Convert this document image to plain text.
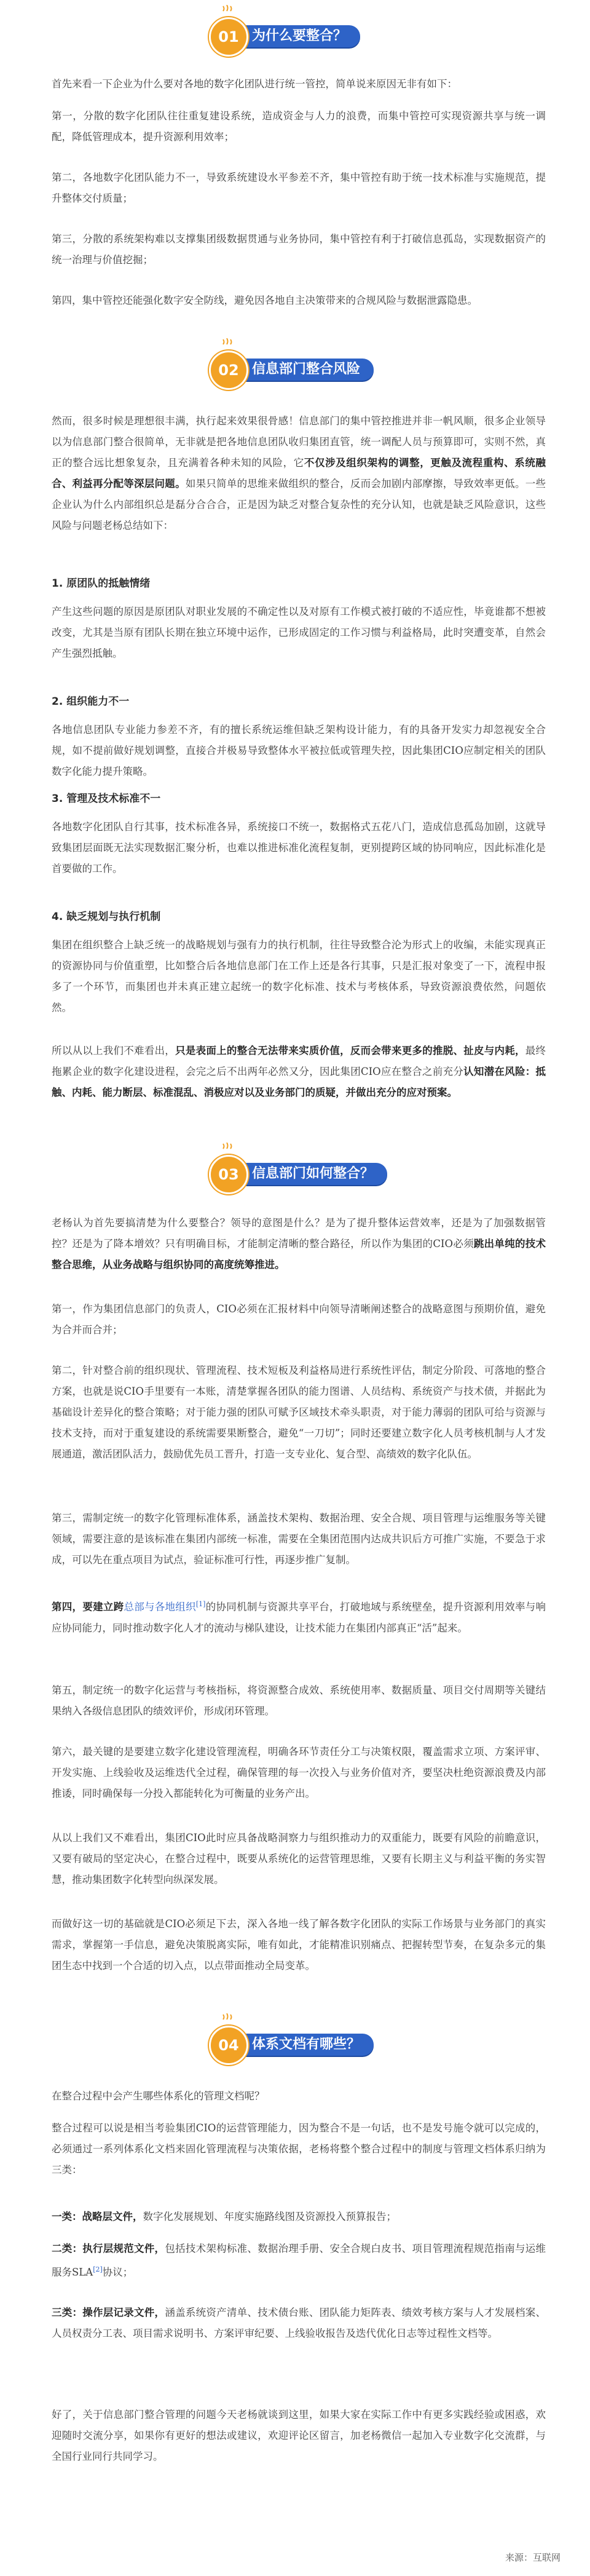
为什么要整合？
01

首先来看一下企业为什么要对各地的数字化团队进行统一管控，简单说来原因无非有如下：

第一，分散的数字化团队往往重复建设系统，造成资金与人力的浪费，而集中管控可实现资源共享与统一调配，降低管理成本，提升资源利用效率；

第二，各地数字化团队能力不一，导致系统建设水平参差不齐，集中管控有助于统一技术标准与实施规范，提升整体交付质量；

第三，分散的系统架构难以支撑集团级数据贯通与业务协同，集中管控有利于打破信息孤岛，实现数据资产的统一治理与价值挖掘；

第四，集中管控还能强化数字安全防线，避免因各地自主决策带来的合规风险与数据泄露隐患。

信息部门整合风险
02

然而，很多时候是理想很丰满，执行起来效果很骨感！信息部门的集中管控推进并非一帆风顺，很多企业领导以为信息部门整合很简单，无非就是把各地信息团队收归集团直管，统一调配人员与预算即可，实则不然，真正的整合远比想象复杂，且充满着各种未知的风险，它不仅涉及组织架构的调整，更触及流程重构、系统融合、利益再分配等深层问题。如果只简单的思维来做组织的整合，反而会加剧内部摩擦，导致效率更低。一些企业认为什么内部组织总是磊分合合合，正是因为缺乏对整合复杂性的充分认知，也就是缺乏风险意识，这些风险与问题老杨总结如下：

1. 原团队的抵触情绪

产生这些问题的原因是原团队对职业发展的不确定性以及对原有工作模式被打破的不适应性，毕竟谁都不想被改变，尤其是当原有团队长期在独立环境中运作，已形成固定的工作习惯与利益格局，此时突遭变革，自然会产生强烈抵触。

2. 组织能力不一

各地信息团队专业能力参差不齐，有的擅长系统运维但缺乏架构设计能力，有的具备开发实力却忽视安全合规，如不提前做好规划调整，直接合并极易导致整体水平被拉低或管理失控，因此集团CIO应制定相关的团队数字化能力提升策略。

3. 管理及技术标准不一

各地数字化团队自行其事，技术标准各异，系统接口不统一，数据格式五花八门，造成信息孤岛加剧，这就导致集团层面既无法实现数据汇聚分析，也难以推进标准化流程复制，更别提跨区域的协同响应，因此标准化是首要做的工作。

4. 缺乏规划与执行机制

集团在组织整合上缺乏统一的战略规划与强有力的执行机制，往往导致整合沦为形式上的收编，未能实现真正的资源协同与价值重塑，比如整合后各地信息部门在工作上还是各行其事，只是汇报对象变了一下，流程申报多了一个环节，而集团也并未真正建立起统一的数字化标准、技术与考核体系，导致资源浪费依然，问题依然。

所以从以上我们不难看出，只是表面上的整合无法带来实质价值，反而会带来更多的推脱、扯皮与内耗，最终拖累企业的数字化建设进程，会完之后不出两年必然又分，因此集团CIO应在整合之前充分认知潜在风险：抵触、内耗、能力断层、标准混乱、消极应对以及业务部门的质疑，并做出充分的应对预案。

信息部门如何整合？
03

老杨认为首先要搞清楚为什么要整合？领导的意图是什么？是为了提升整体运营效率，还是为了加强数据管控？还是为了降本增效？只有明确目标，才能制定清晰的整合路径，所以作为集团的CIO必须跳出单纯的技术整合思维，从业务战略与组织协同的高度统筹推进。

第一，作为集团信息部门的负责人，CIO必须在汇报材料中向领导清晰阐述整合的战略意图与预期价值，避免为合并而合并；

第二，针对整合前的组织现状、管理流程、技术短板及利益格局进行系统性评估，制定分阶段、可落地的整合方案，也就是说CIO手里要有一本账，清楚掌握各团队的能力图谱、人员结构、系统资产与技术债，并据此为基础设计差异化的整合策略；对于能力强的团队可赋予区域技术牵头职责，对于能力薄弱的团队可给与资源与技术支持，而对于重复建设的系统需要果断整合，避免“一刀切”；同时还要建立数字化人员考核机制与人才发展通道，激活团队活力，鼓励优先员工晋升，打造一支专业化、复合型、高绩效的数字化队伍。

第三，需制定统一的数字化管理标准体系，涵盖技术架构、数据治理、安全合规、项目管理与运维服务等关键领域，需要注意的是该标准在集团内部统一标准，需要在全集团范围内达成共识后方可推广实施，不要急于求成，可以先在重点项目为试点，验证标准可行性，再逐步推广复制。

第四，要建立跨总部与各地组织[1]的协同机制与资源共享平台，打破地域与系统壁垒，提升资源利用效率与响应协同能力，同时推动数字化人才的流动与梯队建设，让技术能力在集团内部真正“活”起来。

第五，制定统一的数字化运营与考核指标，将资源整合成效、系统使用率、数据质量、项目交付周期等关键结果纳入各级信息团队的绩效评价，形成闭环管理。

第六，最关键的是要建立数字化建设管理流程，明确各环节责任分工与决策权限，覆盖需求立项、方案评审、开发实施、上线验收及运维迭代全过程，确保管理的每一次投入与业务价值对齐，要坚决杜绝资源浪费及内部推诿，同时确保每一分投入都能转化为可衡量的业务产出。

从以上我们又不难看出，集团CIO此时应具备战略洞察力与组织推动力的双重能力，既要有风险的前瞻意识，又要有破局的坚定决心，在整合过程中，既要从系统化的运营管理思维，又要有长期主义与利益平衡的务实智慧，推动集团数字化转型向纵深发展。

而做好这一切的基础就是CIO必须足下去，深入各地一线了解各数字化团队的实际工作场景与业务部门的真实需求，掌握第一手信息，避免决策脱离实际，唯有如此，才能精准识别痛点、把握转型节奏，在复杂多元的集团生态中找到一个合适的切入点，以点带面推动全局变革。

体系文档有哪些？
04

在整合过程中会产生哪些体系化的管理文档呢？

整合过程可以说是相当考验集团CIO的运营管理能力，因为整合不是一句话，也不是发号施令就可以完成的，必须通过一系列体系化文档来固化管理流程与决策依据，老杨将整个整合过程中的制度与管理文档体系归纳为三类：

一类：战略层文件，数字化发展规划、年度实施路线图及资源投入预算报告；

二类：执行层规范文件，包括技术架构标准、数据治理手册、安全合规白皮书、项目管理流程规范指南与运维服务SLA[2]协议；

三类：操作层记录文件，涵盖系统资产清单、技术债台账、团队能力矩阵表、绩效考核方案与人才发展档案、人员权责分工表、项目需求说明书、方案评审纪要、上线验收报告及迭代优化日志等过程性文档等。

好了，关于信息部门整合管理的问题今天老杨就谈到这里，如果大家在实际工作中有更多实践经验或困惑，欢迎随时交流分享，如果你有更好的想法或建议，欢迎评论区留言，加老杨微信一起加入专业数字化交流群，与全国行业同行共同学习。

来源：互联网
